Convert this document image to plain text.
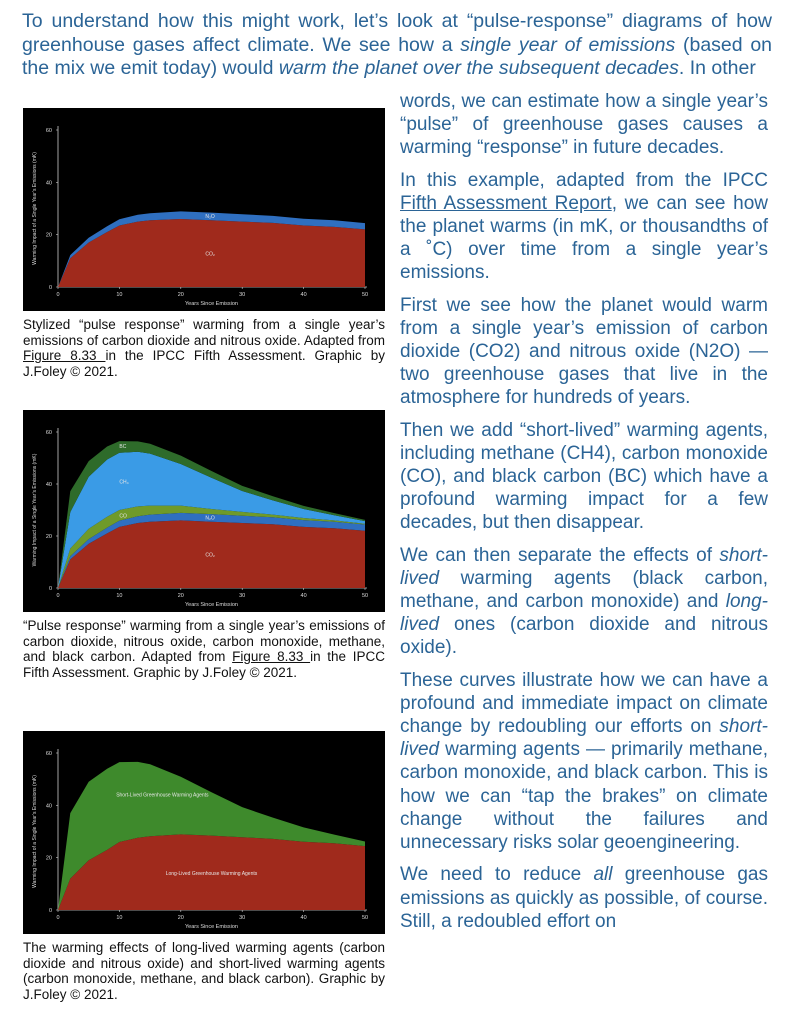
To understand how this might work, let’s look at “pulse-response” diagrams of how greenhouse gases affect climate. We see how a single year of emissions (based on the mix we emit today) would warm the planet over the subsequent decades. In other

words, we can estimate how a single year’s “pulse” of greenhouse gases causes a warming “response” in future decades.

In this example, adapted from the IPCC Fifth Assessment Report, we can see how the planet warms (in mK, or thousandths of a ˚C) over time from a single year’s emissions.

First we see how the planet would warm from a single year’s emission of carbon dioxide (CO2) and nitrous oxide (N2O) — two greenhouse gases that live in the atmosphere for hundreds of years.

Then we add “short-lived” warming agents, including methane (CH4), carbon monoxide (CO), and black carbon (BC) which have a profound warming impact for a few decades, but then disappear.

We can then separate the effects of short-lived warming agents (black carbon, methane, and carbon monoxide) and long-lived ones (carbon dioxide and nitrous oxide).

These curves illustrate how we can have a profound and immediate impact on climate change by redoubling our efforts on short-lived warming agents — primarily methane, carbon monoxide, and black carbon. This is how we can “tap the brakes” on climate change without the failures and unnecessary risks solar geoengineering.

We need to reduce all greenhouse gas emissions as quickly as possible, of course. Still, a redoubled effort on

CO₂
N₂O
0	10	20	30	40	50
0
20
40
60
Years Since Emission
Warming Impact of a Single Year’s Emissions (mK)
Stylized “pulse response” warming from a single year’s emissions of carbon dioxide and nitrous oxide. Adapted from Figure 8.33 in the IPCC Fifth Assessment. Graphic by J.Foley © 2021.
CO₂
N₂O
CO
CH₄
BC
0	10	20	30	40	50
0
20
40
60
Years Since Emission
Warming Impact of a Single Year’s Emissions (mK)
“Pulse response” warming from a single year’s emissions of carbon dioxide, nitrous oxide, carbon monoxide, methane, and black carbon. Adapted from Figure 8.33 in the IPCC Fifth Assessment. Graphic by J.Foley © 2021.
Long-Lived Greenhouse Warming Agents
Short-Lived Greenhouse Warming Agents
0	10	20	30	40	50
0
20
40
60
Years Since Emission
Warming Impact of a Single Year’s Emissions (mK)
The warming effects of long-lived warming agents (carbon dioxide and nitrous oxide) and short-lived warming agents (carbon monoxide, methane, and black carbon). Graphic by J.Foley © 2021.
